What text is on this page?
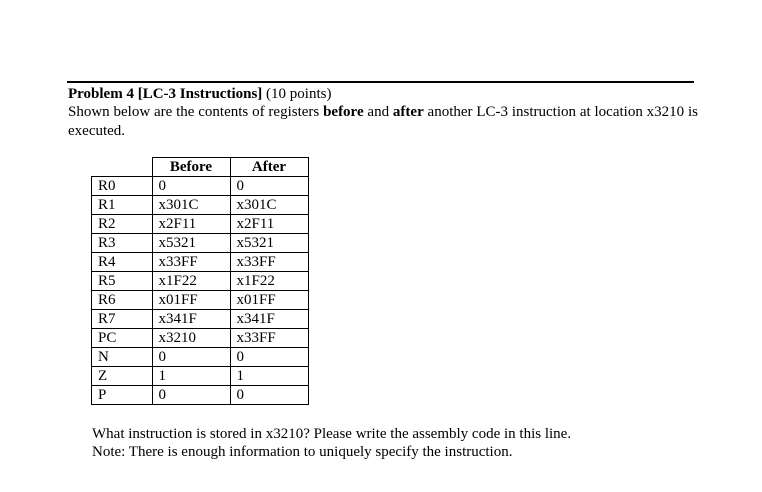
Problem 4 [LC-3 Instructions] (10 points)
Shown below are the contents of registers before and after another LC-3 instruction at location x3210 is executed.
	Before	After
R0	0	0
R1	x301C	x301C
R2	x2F11	x2F11
R3	x5321	x5321
R4	x33FF	x33FF
R5	x1F22	x1F22
R6	x01FF	x01FF
R7	x341F	x341F
PC	x3210	x33FF
N	0	0
Z	1	1
P	0	0
What instruction is stored in x3210? Please write the assembly code in this line.
Note: There is enough information to uniquely specify the instruction.
